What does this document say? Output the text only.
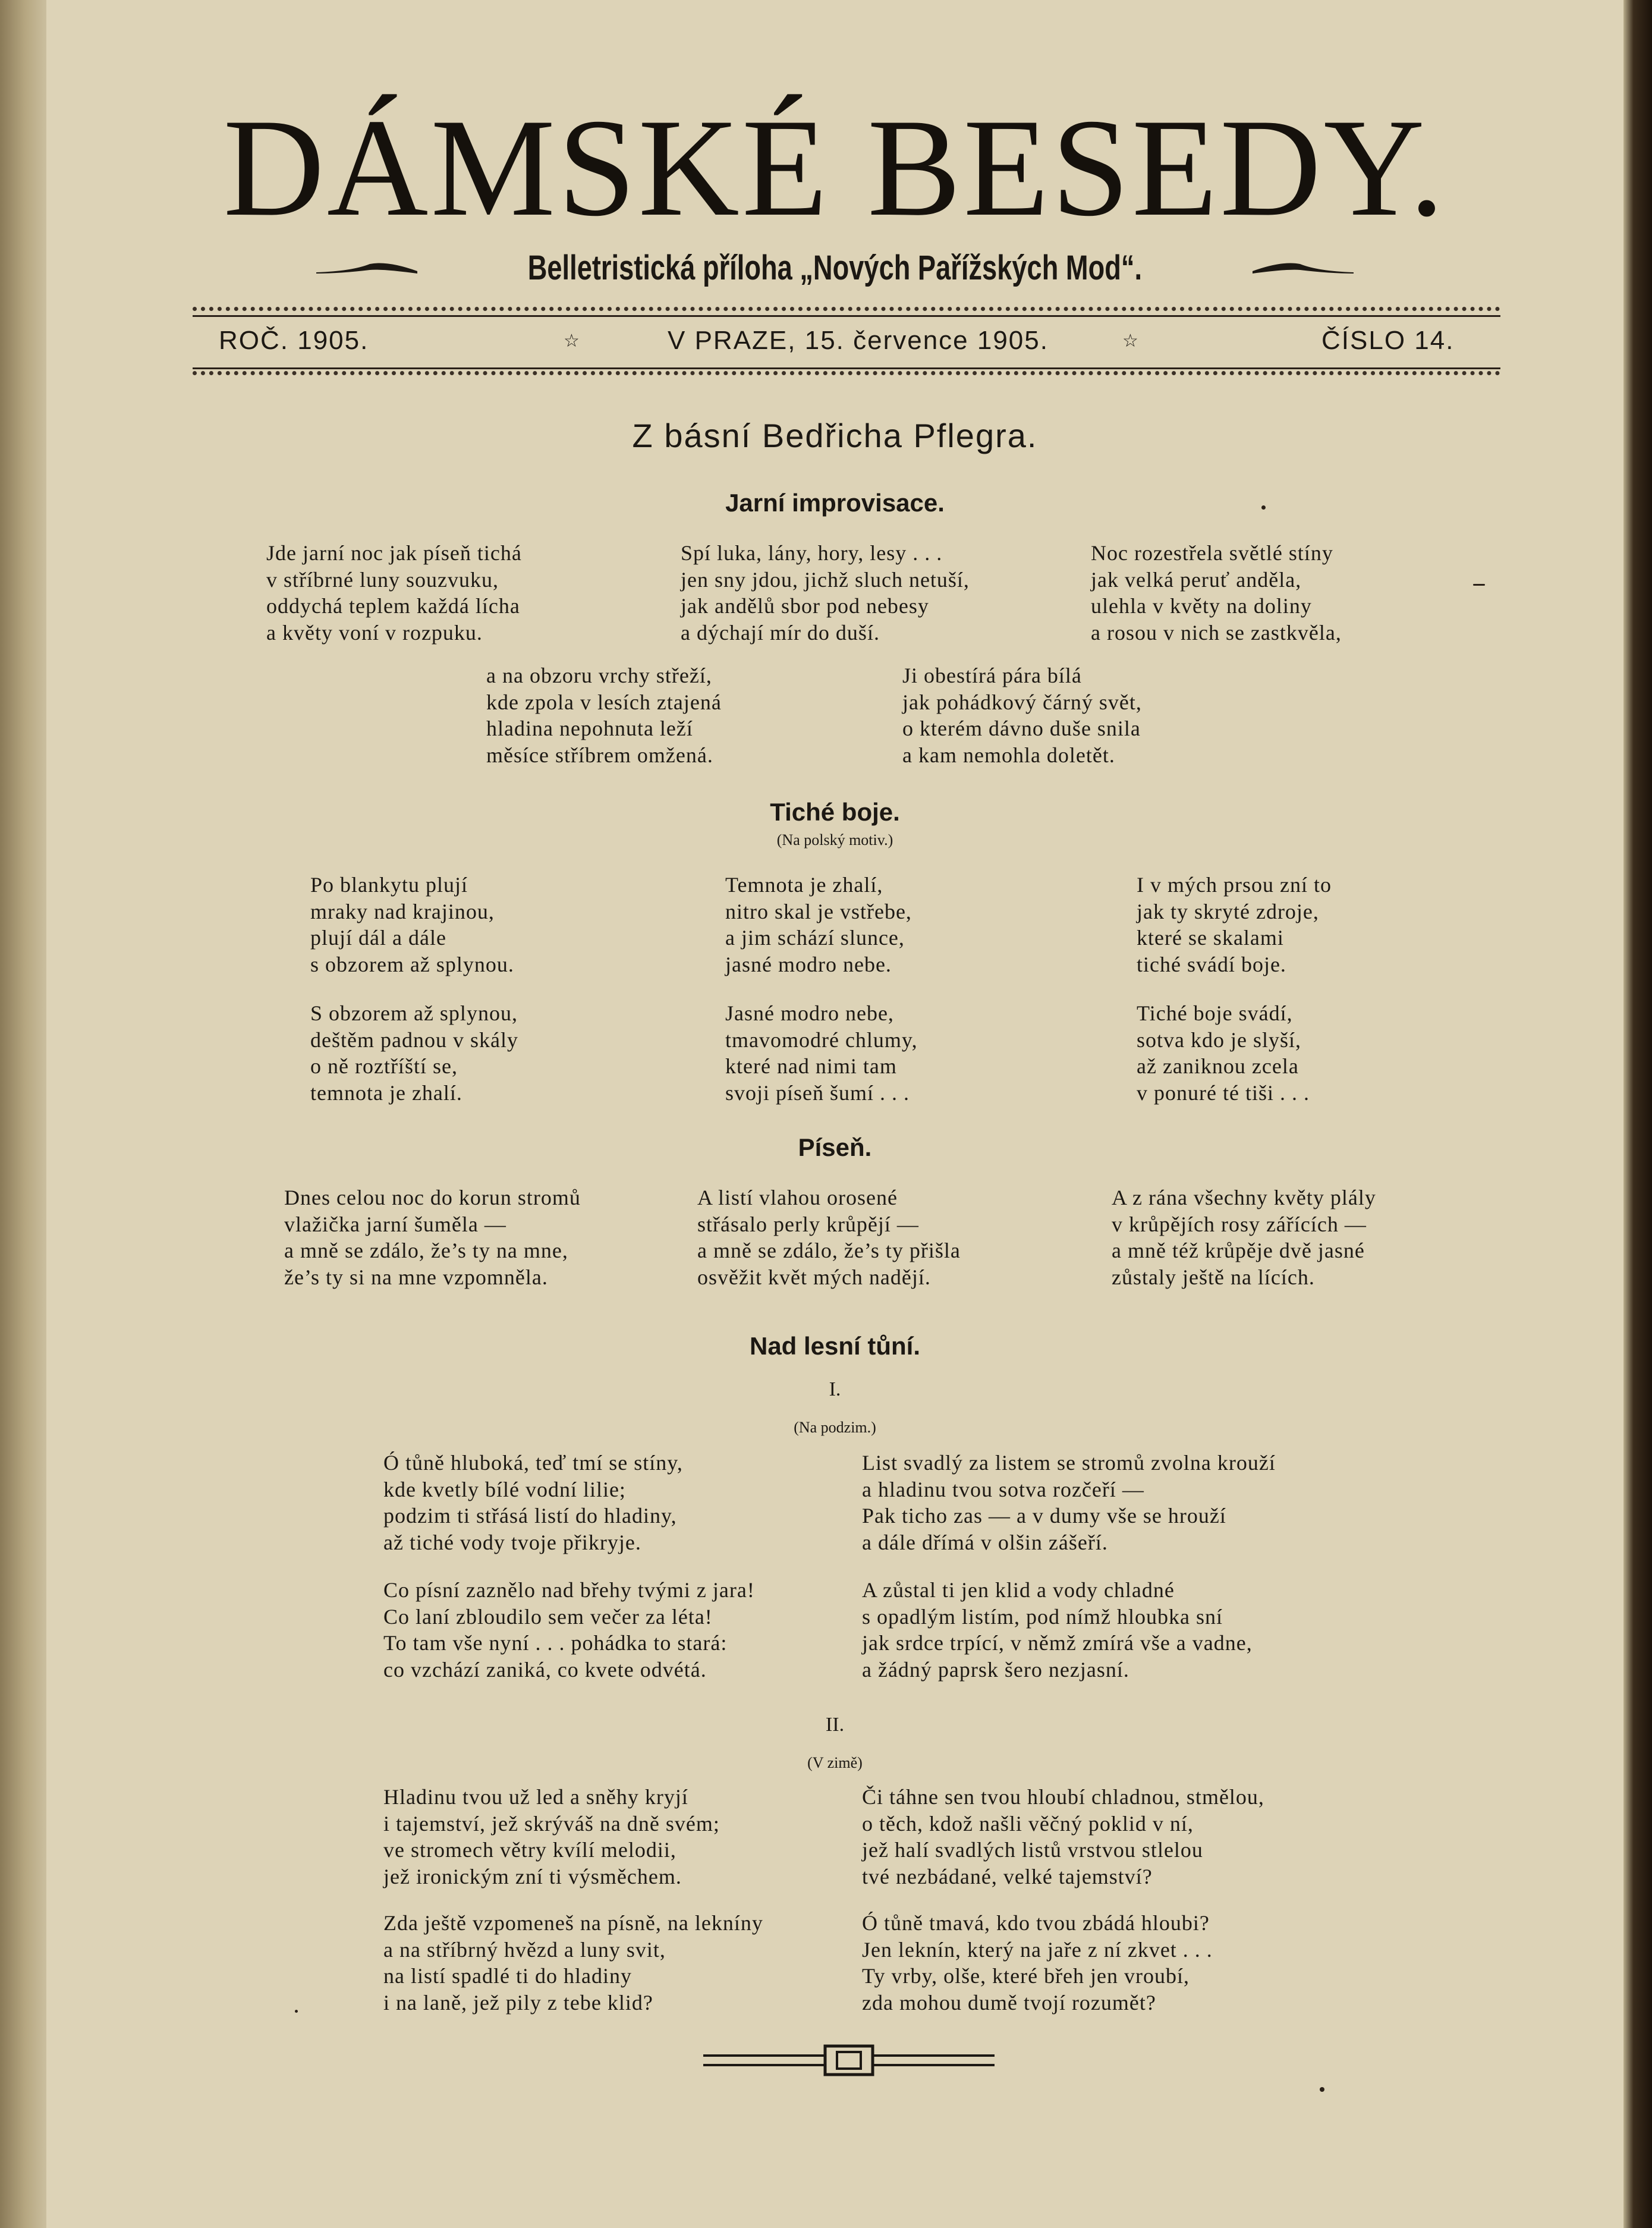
DÁMSKÉ BESEDY.
Belletristická příloha „Nových Pařížských Mod“.
ROČ. 1905.	☆	V PRAZE, 15. července 1905.	☆	ČÍSLO 14.
Z básní Bedřicha Pflegra.
Jarní improvisace.
Jde jarní noc jak píseň tichá
v stříbrné luny souzvuku,
oddychá teplem každá lícha
a květy voní v rozpuku.
Spí luka, lány, hory, lesy . . .
jen sny jdou, jichž sluch netuší,
jak andělů sbor pod nebesy
a dýchají mír do duší.
Noc rozestřela světlé stíny
jak velká peruť anděla,
ulehla v květy na doliny
a rosou v nich se zastkvěla,
a na obzoru vrchy střeží,
kde zpola v lesích ztajená
hladina nepohnuta leží
měsíce stříbrem omžená.
Ji obestírá pára bílá
jak pohádkový čárný svět,
o kterém dávno duše snila
a kam nemohla doletět.
Tiché boje.
(Na polský motiv.)
Po blankytu plují
mraky nad krajinou,
plují dál a dále
s obzorem až splynou.
Temnota je zhalí,
nitro skal je vstřebe,
a jim schází slunce,
jasné modro nebe.
I v mých prsou zní to
jak ty skryté zdroje,
které se skalami
tiché svádí boje.
S obzorem až splynou,
deštěm padnou v skály
o ně roztříští se,
temnota je zhalí.
Jasné modro nebe,
tmavomodré chlumy,
které nad nimi tam
svoji píseň šumí . . .
Tiché boje svádí,
sotva kdo je slyší,
až zaniknou zcela
v ponuré té tiši . . .
Píseň.
Dnes celou noc do korun stromů
vlažička jarní šuměla —
a mně se zdálo, že’s ty na mne,
že’s ty si na mne vzpomněla.
A listí vlahou orosené
střásalo perly krůpějí —
a mně se zdálo, že’s ty přišla
osvěžit květ mých nadějí.
A z rána všechny květy plály
v krůpějích rosy zářících —
a mně též krůpěje dvě jasné
zůstaly ještě na lících.
Nad lesní tůní.
I.
(Na podzim.)
Ó tůně hluboká, teď tmí se stíny,
kde kvetly bílé vodní lilie;
podzim ti střásá listí do hladiny,
až tiché vody tvoje přikryje.
List svadlý za listem se stromů zvolna krouží
a hladinu tvou sotva rozčeří —
Pak ticho zas — a v dumy vše se hrouží
a dále dřímá v olšin zášeří.
Co písní zaznělo nad břehy tvými z jara!
Co laní zbloudilo sem večer za léta!
To tam vše nyní . . . pohádka to stará:
co vzchází zaniká, co kvete odvétá.
A zůstal ti jen klid a vody chladné
s opadlým listím, pod nímž hloubka sní
jak srdce trpící, v němž zmírá vše a vadne,
a žádný paprsk šero nezjasní.
II.
(V zimě)
Hladinu tvou už led a sněhy kryjí
i tajemství, jež skrýváš na dně svém;
ve stromech větry kvílí melodii,
jež ironickým zní ti výsměchem.
Či táhne sen tvou hloubí chladnou, stmělou,
o těch, kdož našli věčný poklid v ní,
jež halí svadlých listů vrstvou stlelou
tvé nezbádané, velké tajemství?
Zda ještě vzpomeneš na písně, na lekníny
a na stříbrný hvězd a luny svit,
na listí spadlé ti do hladiny
i na laně, jež pily z tebe klid?
Ó tůně tmavá, kdo tvou zbádá hloubi?
Jen leknín, který na jaře z ní zkvet . . .
Ty vrby, olše, které břeh jen vroubí,
zda mohou dumě tvojí rozumět?
